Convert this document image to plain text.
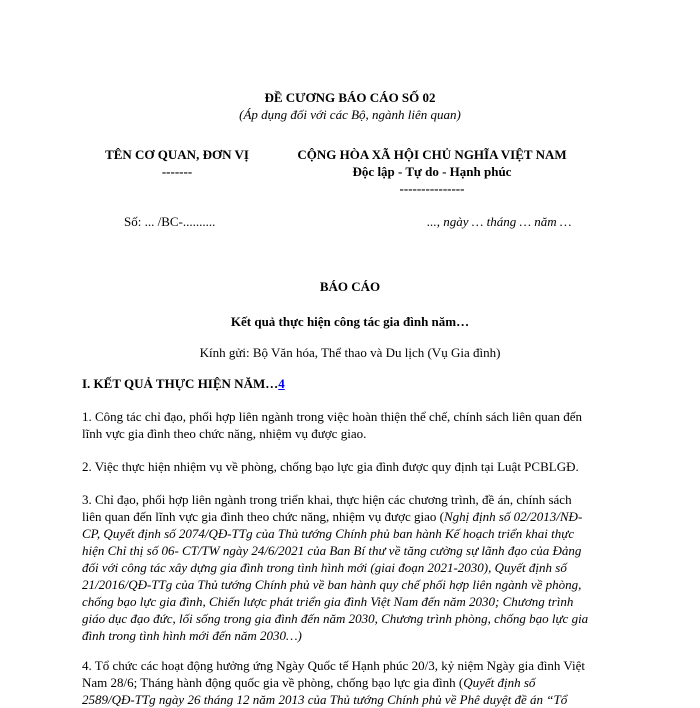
ĐỀ CƯƠNG BÁO CÁO SỐ 02
(Áp dụng đối với các Bộ, ngành liên quan)
TÊN CƠ QUAN, ĐƠN VỊ
-------
CỘNG HÒA XÃ HỘI CHỦ NGHĨA VIỆT NAM
Độc lập - Tự do - Hạnh phúc
---------------
Số: ... /BC-..........	..., ngày … tháng … năm …
BÁO CÁO
Kết quả thực hiện công tác gia đình năm…
Kính gửi: Bộ Văn hóa, Thể thao và Du lịch (Vụ Gia đình)
I. KẾT QUẢ THỰC HIỆN NĂM…4
1. Công tác chỉ đạo, phối hợp liên ngành trong việc hoàn thiện thể chế, chính sách liên quan đến
lĩnh vực gia đình theo chức năng, nhiệm vụ được giao.
2. Việc thực hiện nhiệm vụ về phòng, chống bạo lực gia đình được quy định tại Luật PCBLGĐ.
3. Chỉ đạo, phối hợp liên ngành trong triển khai, thực hiện các chương trình, đề án, chính sách
liên quan đến lĩnh vực gia đình theo chức năng, nhiệm vụ được giao (Nghị định số 02/2013/NĐ-
CP, Quyết định số 2074/QĐ-TTg của Thủ tướng Chính phủ ban hành Kế hoạch triển khai thực
hiện Chỉ thị số 06- CT/TW ngày 24/6/2021 của Ban Bí thư về tăng cường sự lãnh đạo của Đảng
đối với công tác xây dựng gia đình trong tình hình mới (giai đoạn 2021-2030), Quyết định số
21/2016/QĐ-TTg của Thủ tướng Chính phủ về ban hành quy chế phối hợp liên ngành về phòng,
chống bạo lực gia đình, Chiến lược phát triển gia đình Việt Nam đến năm 2030; Chương trình
giáo dục đạo đức, lối sống trong gia đình đến năm 2030, Chương trình phòng, chống bạo lực gia
đình trong tình hình mới đến năm 2030…)
4. Tổ chức các hoạt động hưởng ứng Ngày Quốc tế Hạnh phúc 20/3, kỷ niệm Ngày gia đình Việt
Nam 28/6; Tháng hành động quốc gia về phòng, chống bạo lực gia đình (Quyết định số
2589/QĐ-TTg ngày 26 tháng 12 năm 2013 của Thủ tướng Chính phủ về Phê duyệt đề án “Tổ
